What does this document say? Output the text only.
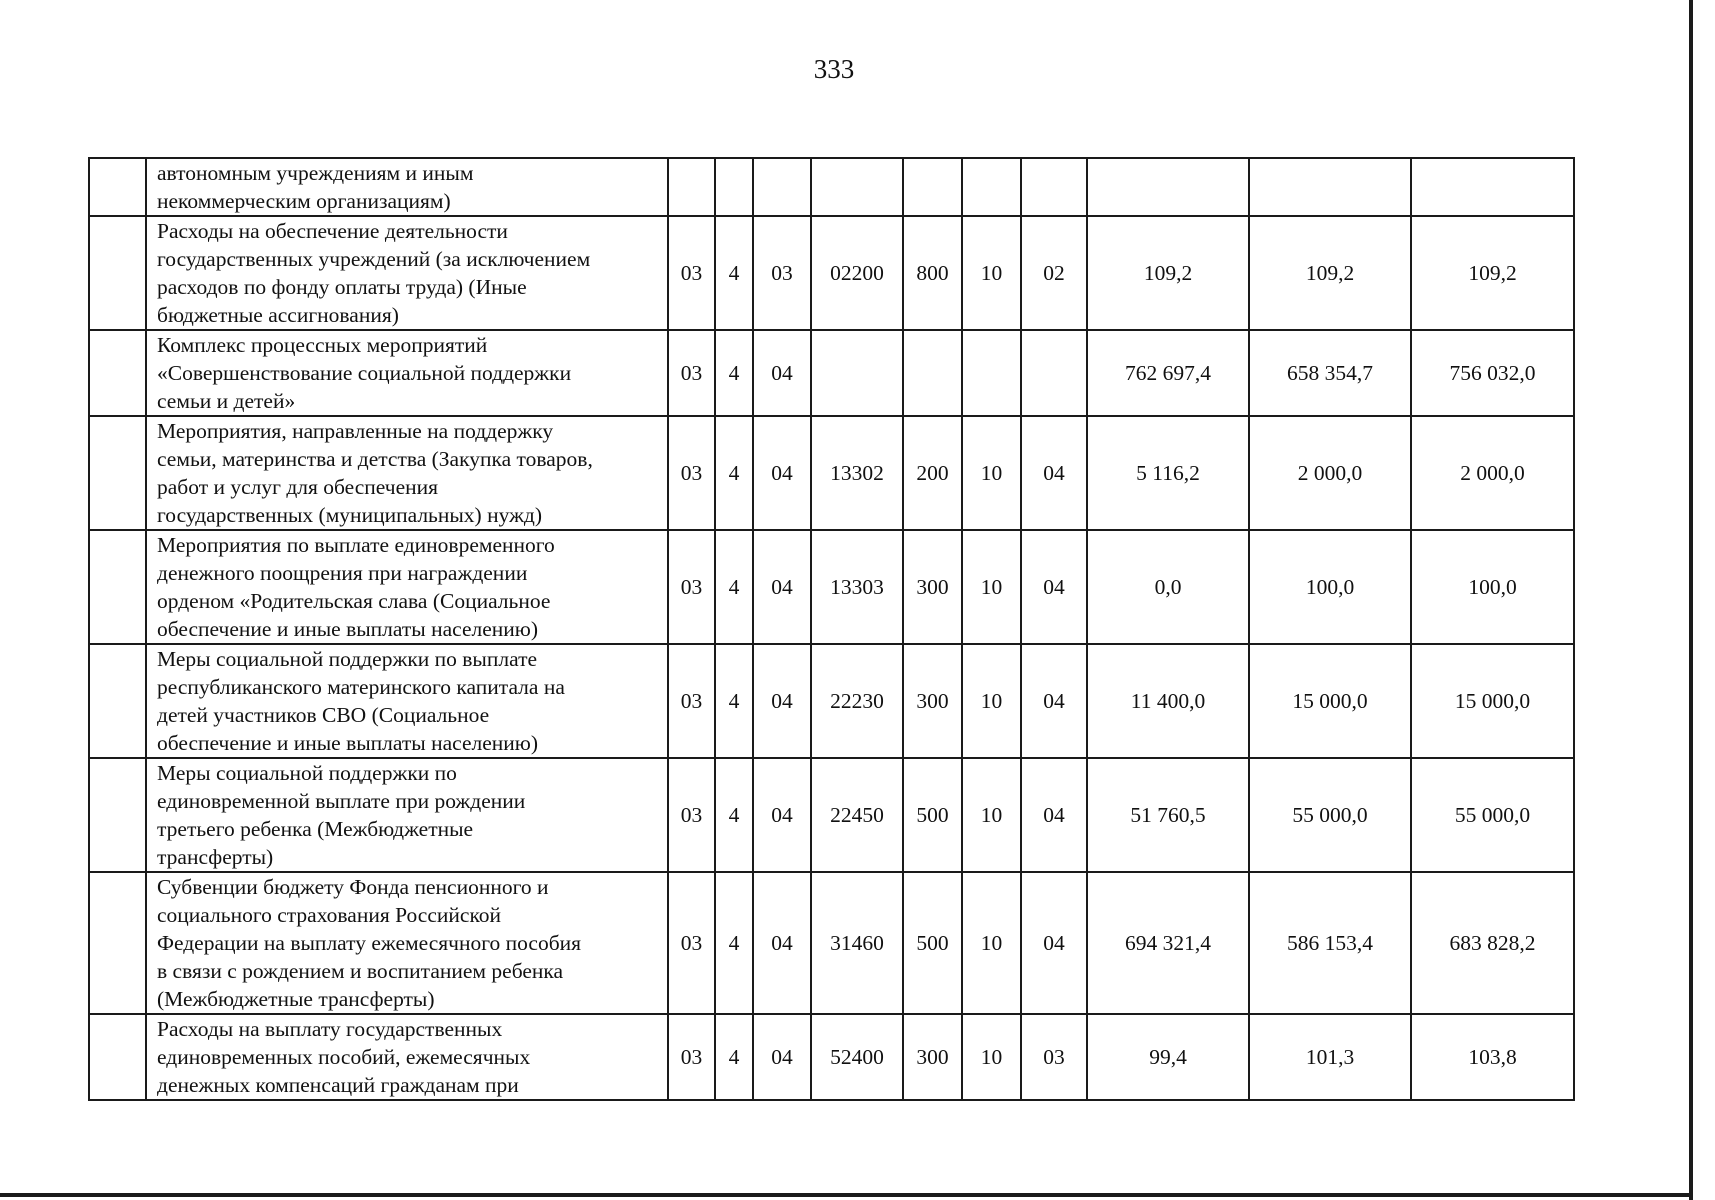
333
	автономным учреждениям и иным
некоммерческим организациям)										
	Расходы на обеспечение деятельности
государственных учреждений (за исключением
расходов по фонду оплаты труда) (Иные
бюджетные ассигнования)	03	4	03	02200	800	10	02	109,2	109,2	109,2
	Комплекс процессных мероприятий
«Совершенствование социальной поддержки
семьи и детей»	03	4	04					762 697,4	658 354,7	756 032,0
	Мероприятия, направленные на поддержку
семьи, материнства и детства (Закупка товаров,
работ и услуг для обеспечения
государственных (муниципальных) нужд)	03	4	04	13302	200	10	04	5 116,2	2 000,0	2 000,0
	Мероприятия по выплате единовременного
денежного поощрения при награждении
орденом «Родительская слава (Социальное
обеспечение и иные выплаты населению)	03	4	04	13303	300	10	04	0,0	100,0	100,0
	Меры социальной поддержки по выплате
республиканского материнского капитала на
детей участников СВО (Социальное
обеспечение и иные выплаты населению)	03	4	04	22230	300	10	04	11 400,0	15 000,0	15 000,0
	Меры социальной поддержки по
единовременной выплате при рождении
третьего ребенка (Межбюджетные
трансферты)	03	4	04	22450	500	10	04	51 760,5	55 000,0	55 000,0
	Субвенции бюджету Фонда пенсионного и
социального страхования Российской
Федерации на выплату ежемесячного пособия
в связи с рождением и воспитанием ребенка
(Межбюджетные трансферты)	03	4	04	31460	500	10	04	694 321,4	586 153,4	683 828,2
	Расходы на выплату государственных
единовременных пособий, ежемесячных
денежных компенсаций гражданам при	03	4	04	52400	300	10	03	99,4	101,3	103,8
